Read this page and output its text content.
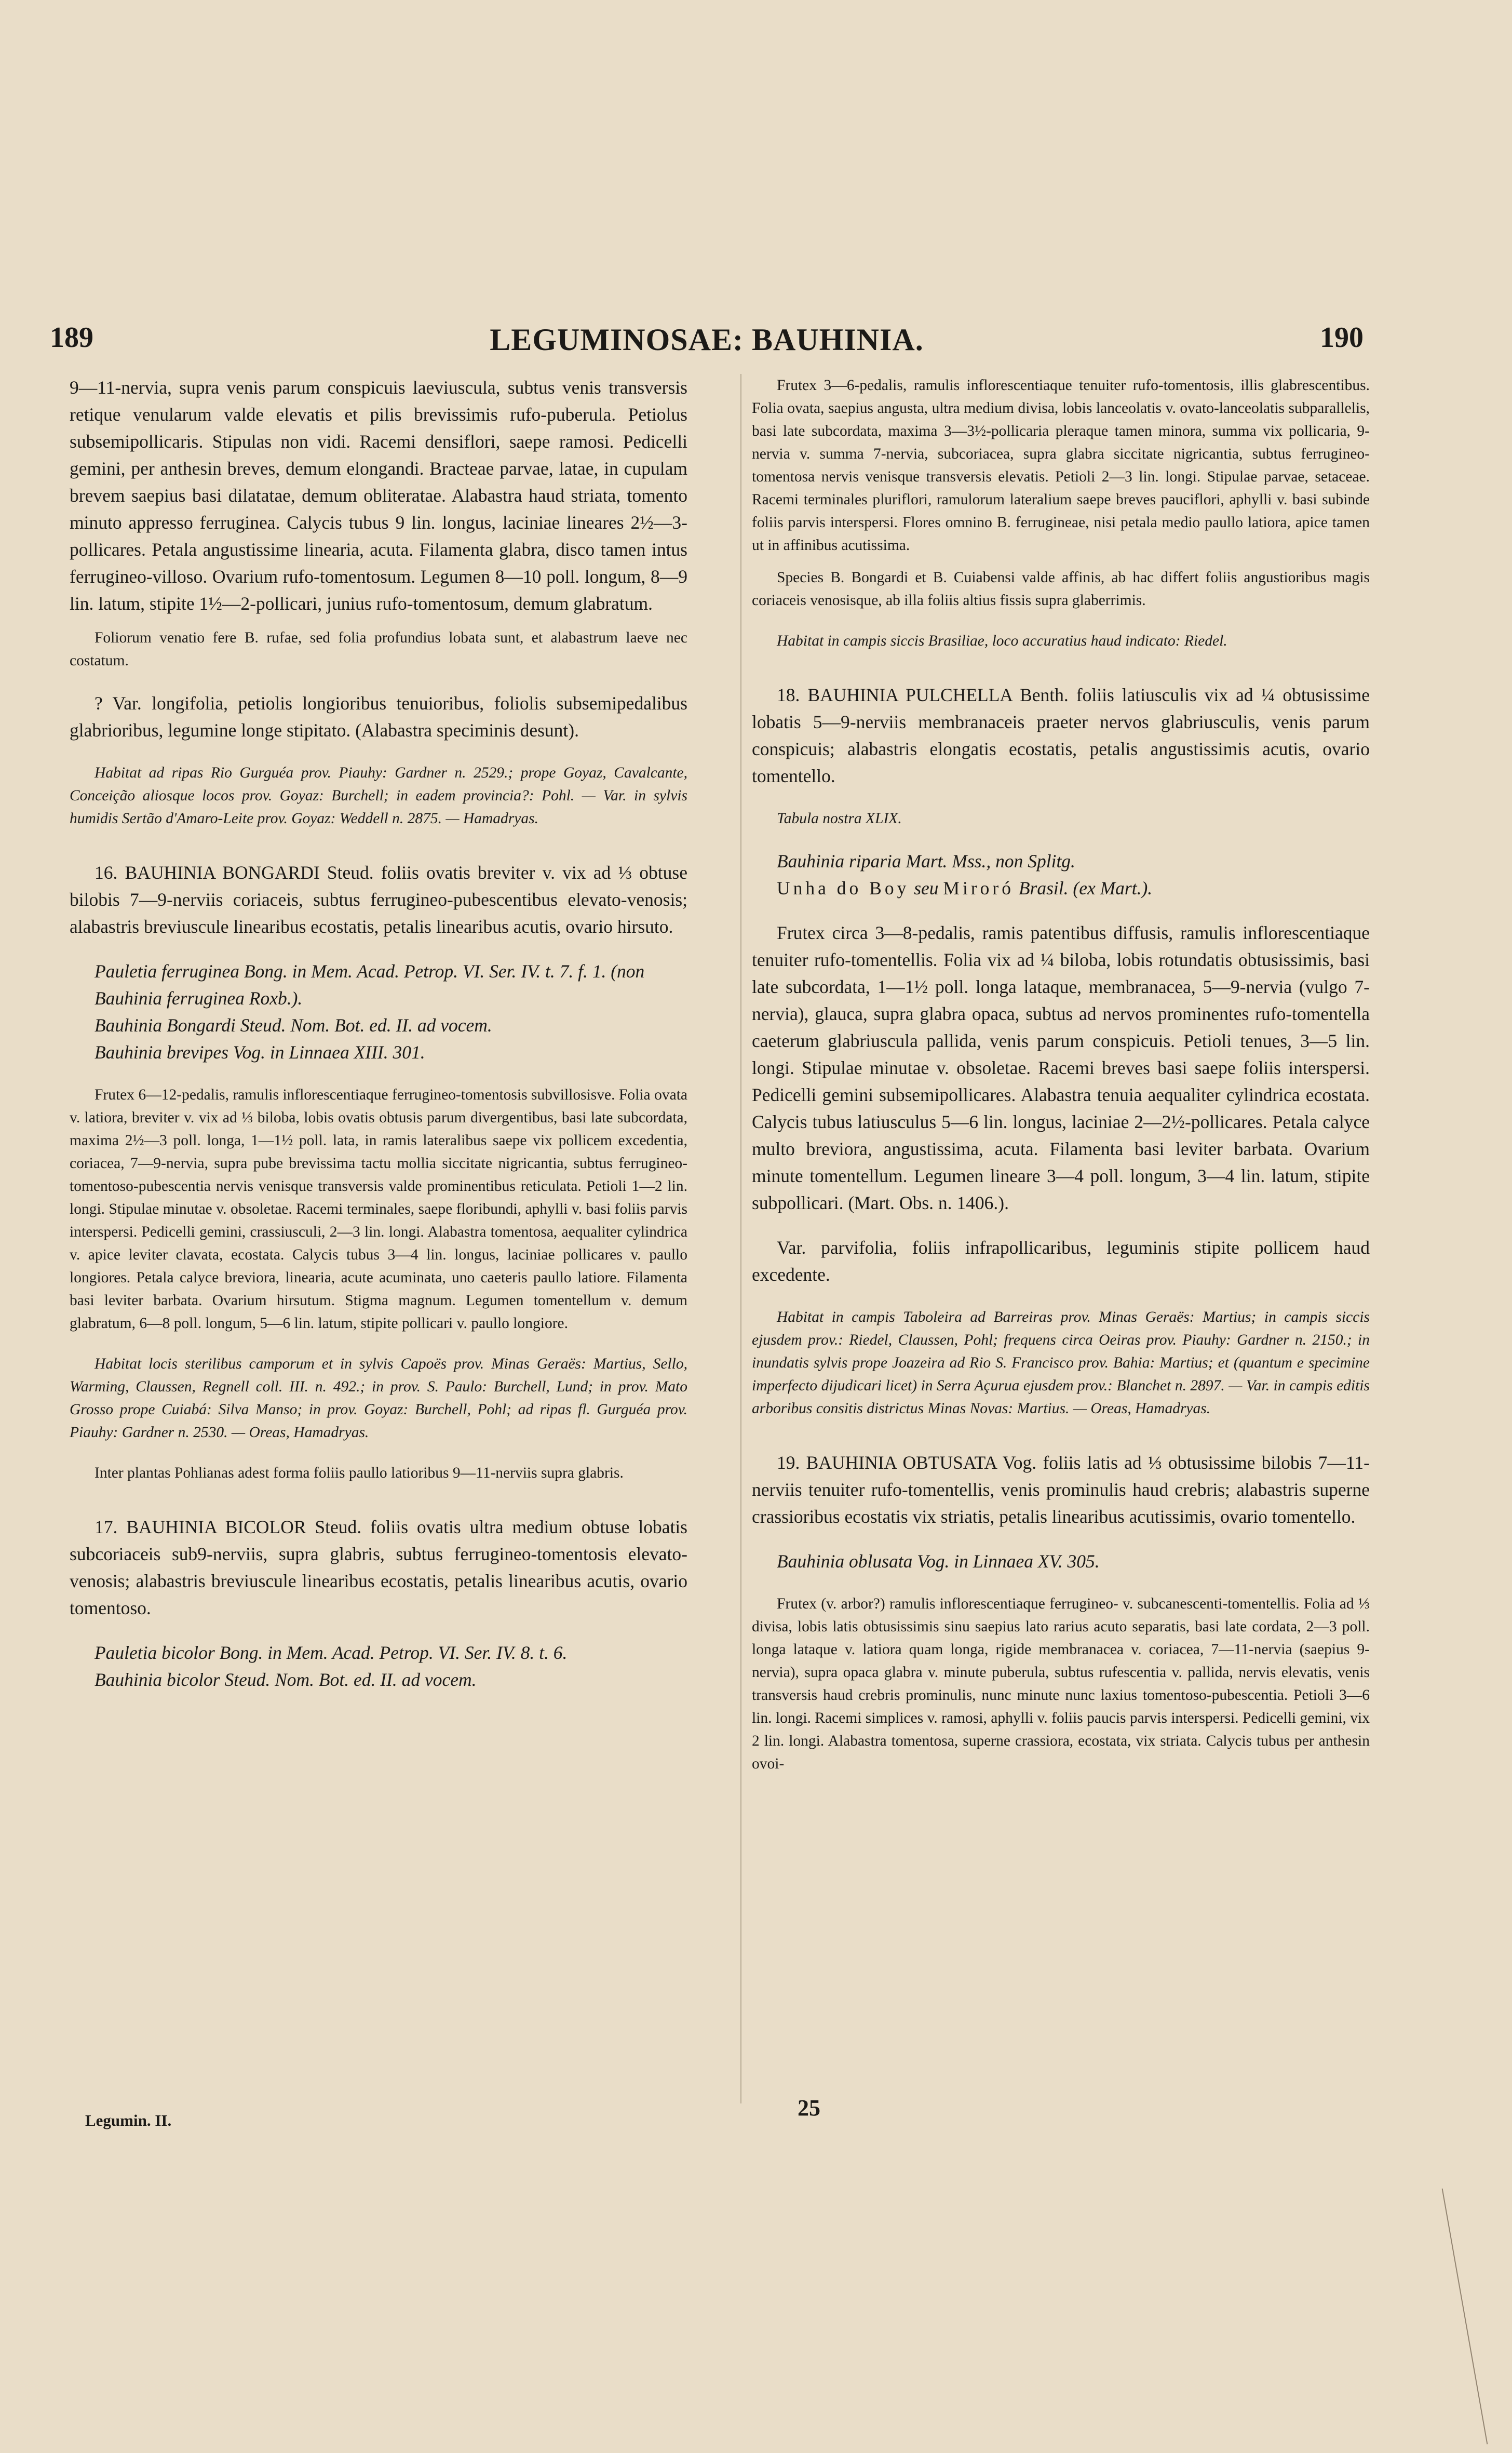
189	LEGUMINOSAE: BAUHINIA.	190

9—11-nervia, supra venis parum conspicuis laeviuscula, subtus venis transversis retique venularum valde elevatis et pilis brevissimis rufo-puberula. Petiolus subsemipollicaris. Stipulas non vidi. Racemi densiflori, saepe ramosi. Pedicelli gemini, per anthesin breves, demum elongandi. Bracteae parvae, latae, in cupulam brevem saepius basi dilatatae, demum obliteratae. Alabastra haud striata, tomento minuto appresso ferruginea. Calycis tubus 9 lin. longus, laciniae lineares 2½—3-pollicares. Petala angustissime linearia, acuta. Filamenta glabra, disco tamen intus ferrugineo-villoso. Ovarium rufo-tomentosum. Legumen 8—10 poll. longum, 8—9 lin. latum, stipite 1½—2-pollicari, junius rufo-tomentosum, demum glabratum.

Foliorum venatio fere B. rufae, sed folia profundius lobata sunt, et alabastrum laeve nec costatum.

? Var. longifolia, petiolis longioribus tenuioribus, foliolis subsemipedalibus glabrioribus, legumine longe stipitato. (Alabastra speciminis desunt).

Habitat ad ripas Rio Gurguéa prov. Piauhy: Gardner n. 2529.; prope Goyaz, Cavalcante, Conceição aliosque locos prov. Goyaz: Burchell; in eadem provincia?: Pohl. — Var. in sylvis humidis Sertão d'Amaro-Leite prov. Goyaz: Weddell n. 2875. — Hamadryas.

16. BAUHINIA BONGARDI Steud. foliis ovatis breviter v. vix ad ⅓ obtuse bilobis 7—9-nerviis coriaceis, subtus ferrugineo-pubescentibus elevato-venosis; alabastris breviuscule linearibus ecostatis, petalis linearibus acutis, ovario hirsuto.

Pauletia ferruginea Bong. in Mem. Acad. Petrop. VI. Ser. IV. t. 7. f. 1. (non Bauhinia ferruginea Roxb.).

Bauhinia Bongardi Steud. Nom. Bot. ed. II. ad vocem.

Bauhinia brevipes Vog. in Linnaea XIII. 301.

Frutex 6—12-pedalis, ramulis inflorescentiaque ferrugineo-tomentosis subvillosisve. Folia ovata v. latiora, breviter v. vix ad ⅓ biloba, lobis ovatis obtusis parum divergentibus, basi late subcordata, maxima 2½—3 poll. longa, 1—1½ poll. lata, in ramis lateralibus saepe vix pollicem excedentia, coriacea, 7—9-nervia, supra pube brevissima tactu mollia siccitate nigricantia, subtus ferrugineo-tomentoso-pubescentia nervis venisque transversis valde prominentibus reticulata. Petioli 1—2 lin. longi. Stipulae minutae v. obsoletae. Racemi terminales, saepe floribundi, aphylli v. basi foliis parvis interspersi. Pedicelli gemini, crassiusculi, 2—3 lin. longi. Alabastra tomentosa, aequaliter cylindrica v. apice leviter clavata, ecostata. Calycis tubus 3—4 lin. longus, laciniae pollicares v. paullo longiores. Petala calyce breviora, linearia, acute acuminata, uno caeteris paullo latiore. Filamenta basi leviter barbata. Ovarium hirsutum. Stigma magnum. Legumen tomentellum v. demum glabratum, 6—8 poll. longum, 5—6 lin. latum, stipite pollicari v. paullo longiore.

Habitat locis sterilibus camporum et in sylvis Capoës prov. Minas Geraës: Martius, Sello, Warming, Claussen, Regnell coll. III. n. 492.; in prov. S. Paulo: Burchell, Lund; in prov. Mato Grosso prope Cuiabá: Silva Manso; in prov. Goyaz: Burchell, Pohl; ad ripas fl. Gurguéa prov. Piauhy: Gardner n. 2530. — Oreas, Hamadryas.

Inter plantas Pohlianas adest forma foliis paullo latioribus 9—11-nerviis supra glabris.

17. BAUHINIA BICOLOR Steud. foliis ovatis ultra medium obtuse lobatis subcoriaceis sub9-nerviis, supra glabris, subtus ferrugineo-tomentosis elevato-venosis; alabastris breviuscule linearibus ecostatis, petalis linearibus acutis, ovario tomentoso.

Pauletia bicolor Bong. in Mem. Acad. Petrop. VI. Ser. IV. 8. t. 6.

Bauhinia bicolor Steud. Nom. Bot. ed. II. ad vocem.

Frutex 3—6-pedalis, ramulis inflorescentiaque tenuiter rufo-tomentosis, illis glabrescentibus. Folia ovata, saepius angusta, ultra medium divisa, lobis lanceolatis v. ovato-lanceolatis subparallelis, basi late subcordata, maxima 3—3½-pollicaria pleraque tamen minora, summa vix pollicaria, 9-nervia v. summa 7-nervia, subcoriacea, supra glabra siccitate nigricantia, subtus ferrugineo-tomentosa nervis venisque transversis elevatis. Petioli 2—3 lin. longi. Stipulae parvae, setaceae. Racemi terminales pluriflori, ramulorum lateralium saepe breves pauciflori, aphylli v. basi subinde foliis parvis interspersi. Flores omnino B. ferrugineae, nisi petala medio paullo latiora, apice tamen ut in affinibus acutissima.

Species B. Bongardi et B. Cuiabensi valde affinis, ab hac differt foliis angustioribus magis coriaceis venosisque, ab illa foliis altius fissis supra glaberrimis.

Habitat in campis siccis Brasiliae, loco accuratius haud indicato: Riedel.

18. BAUHINIA PULCHELLA Benth. foliis latiusculis vix ad ¼ obtusissime lobatis 5—9-nerviis membranaceis praeter nervos glabriusculis, venis parum conspicuis; alabastris elongatis ecostatis, petalis angustissimis acutis, ovario tomentello.

Tabula nostra XLIX.

Bauhinia riparia Mart. Mss., non Splitg.

Unha do Boy seu Miroró Brasil. (ex Mart.).

Frutex circa 3—8-pedalis, ramis patentibus diffusis, ramulis inflorescentiaque tenuiter rufo-tomentellis. Folia vix ad ¼ biloba, lobis rotundatis obtusissimis, basi late subcordata, 1—1½ poll. longa lataque, membranacea, 5—9-nervia (vulgo 7-nervia), glauca, supra glabra opaca, subtus ad nervos prominentes rufo-tomentella caeterum glabriuscula pallida, venis parum conspicuis. Petioli tenues, 3—5 lin. longi. Stipulae minutae v. obsoletae. Racemi breves basi saepe foliis interspersi. Pedicelli gemini subsemipollicares. Alabastra tenuia aequaliter cylindrica ecostata. Calycis tubus latiusculus 5—6 lin. longus, laciniae 2—2½-pollicares. Petala calyce multo breviora, angustissima, acuta. Filamenta basi leviter barbata. Ovarium minute tomentellum. Legumen lineare 3—4 poll. longum, 3—4 lin. latum, stipite subpollicari. (Mart. Obs. n. 1406.).

Var. parvifolia, foliis infrapollicaribus, leguminis stipite pollicem haud excedente.

Habitat in campis Taboleira ad Barreiras prov. Minas Geraës: Martius; in campis siccis ejusdem prov.: Riedel, Claussen, Pohl; frequens circa Oeiras prov. Piauhy: Gardner n. 2150.; in inundatis sylvis prope Joazeira ad Rio S. Francisco prov. Bahia: Martius; et (quantum e specimine imperfecto dijudicari licet) in Serra Açurua ejusdem prov.: Blanchet n. 2897. — Var. in campis editis arboribus consitis districtus Minas Novas: Martius. — Oreas, Hamadryas.

19. BAUHINIA OBTUSATA Vog. foliis latis ad ⅓ obtusissime bilobis 7—11-nerviis tenuiter rufo-tomentellis, venis prominulis haud crebris; alabastris superne crassioribus ecostatis vix striatis, petalis linearibus acutissimis, ovario tomentello.

Bauhinia oblusata Vog. in Linnaea XV. 305.

Frutex (v. arbor?) ramulis inflorescentiaque ferrugineo- v. subcanescenti-tomentellis. Folia ad ⅓ divisa, lobis latis obtusissimis sinu saepius lato rarius acuto separatis, basi late cordata, 2—3 poll. longa lataque v. latiora quam longa, rigide membranacea v. coriacea, 7—11-nervia (saepius 9-nervia), supra opaca glabra v. minute puberula, subtus rufescentia v. pallida, nervis elevatis, venis transversis haud crebris prominulis, nunc minute nunc laxius tomentoso-pubescentia. Petioli 3—6 lin. longi. Racemi simplices v. ramosi, aphylli v. foliis paucis parvis interspersi. Pedicelli gemini, vix 2 lin. longi. Alabastra tomentosa, superne crassiora, ecostata, vix striata. Calycis tubus per anthesin ovoi-

Legumin. II.	25
